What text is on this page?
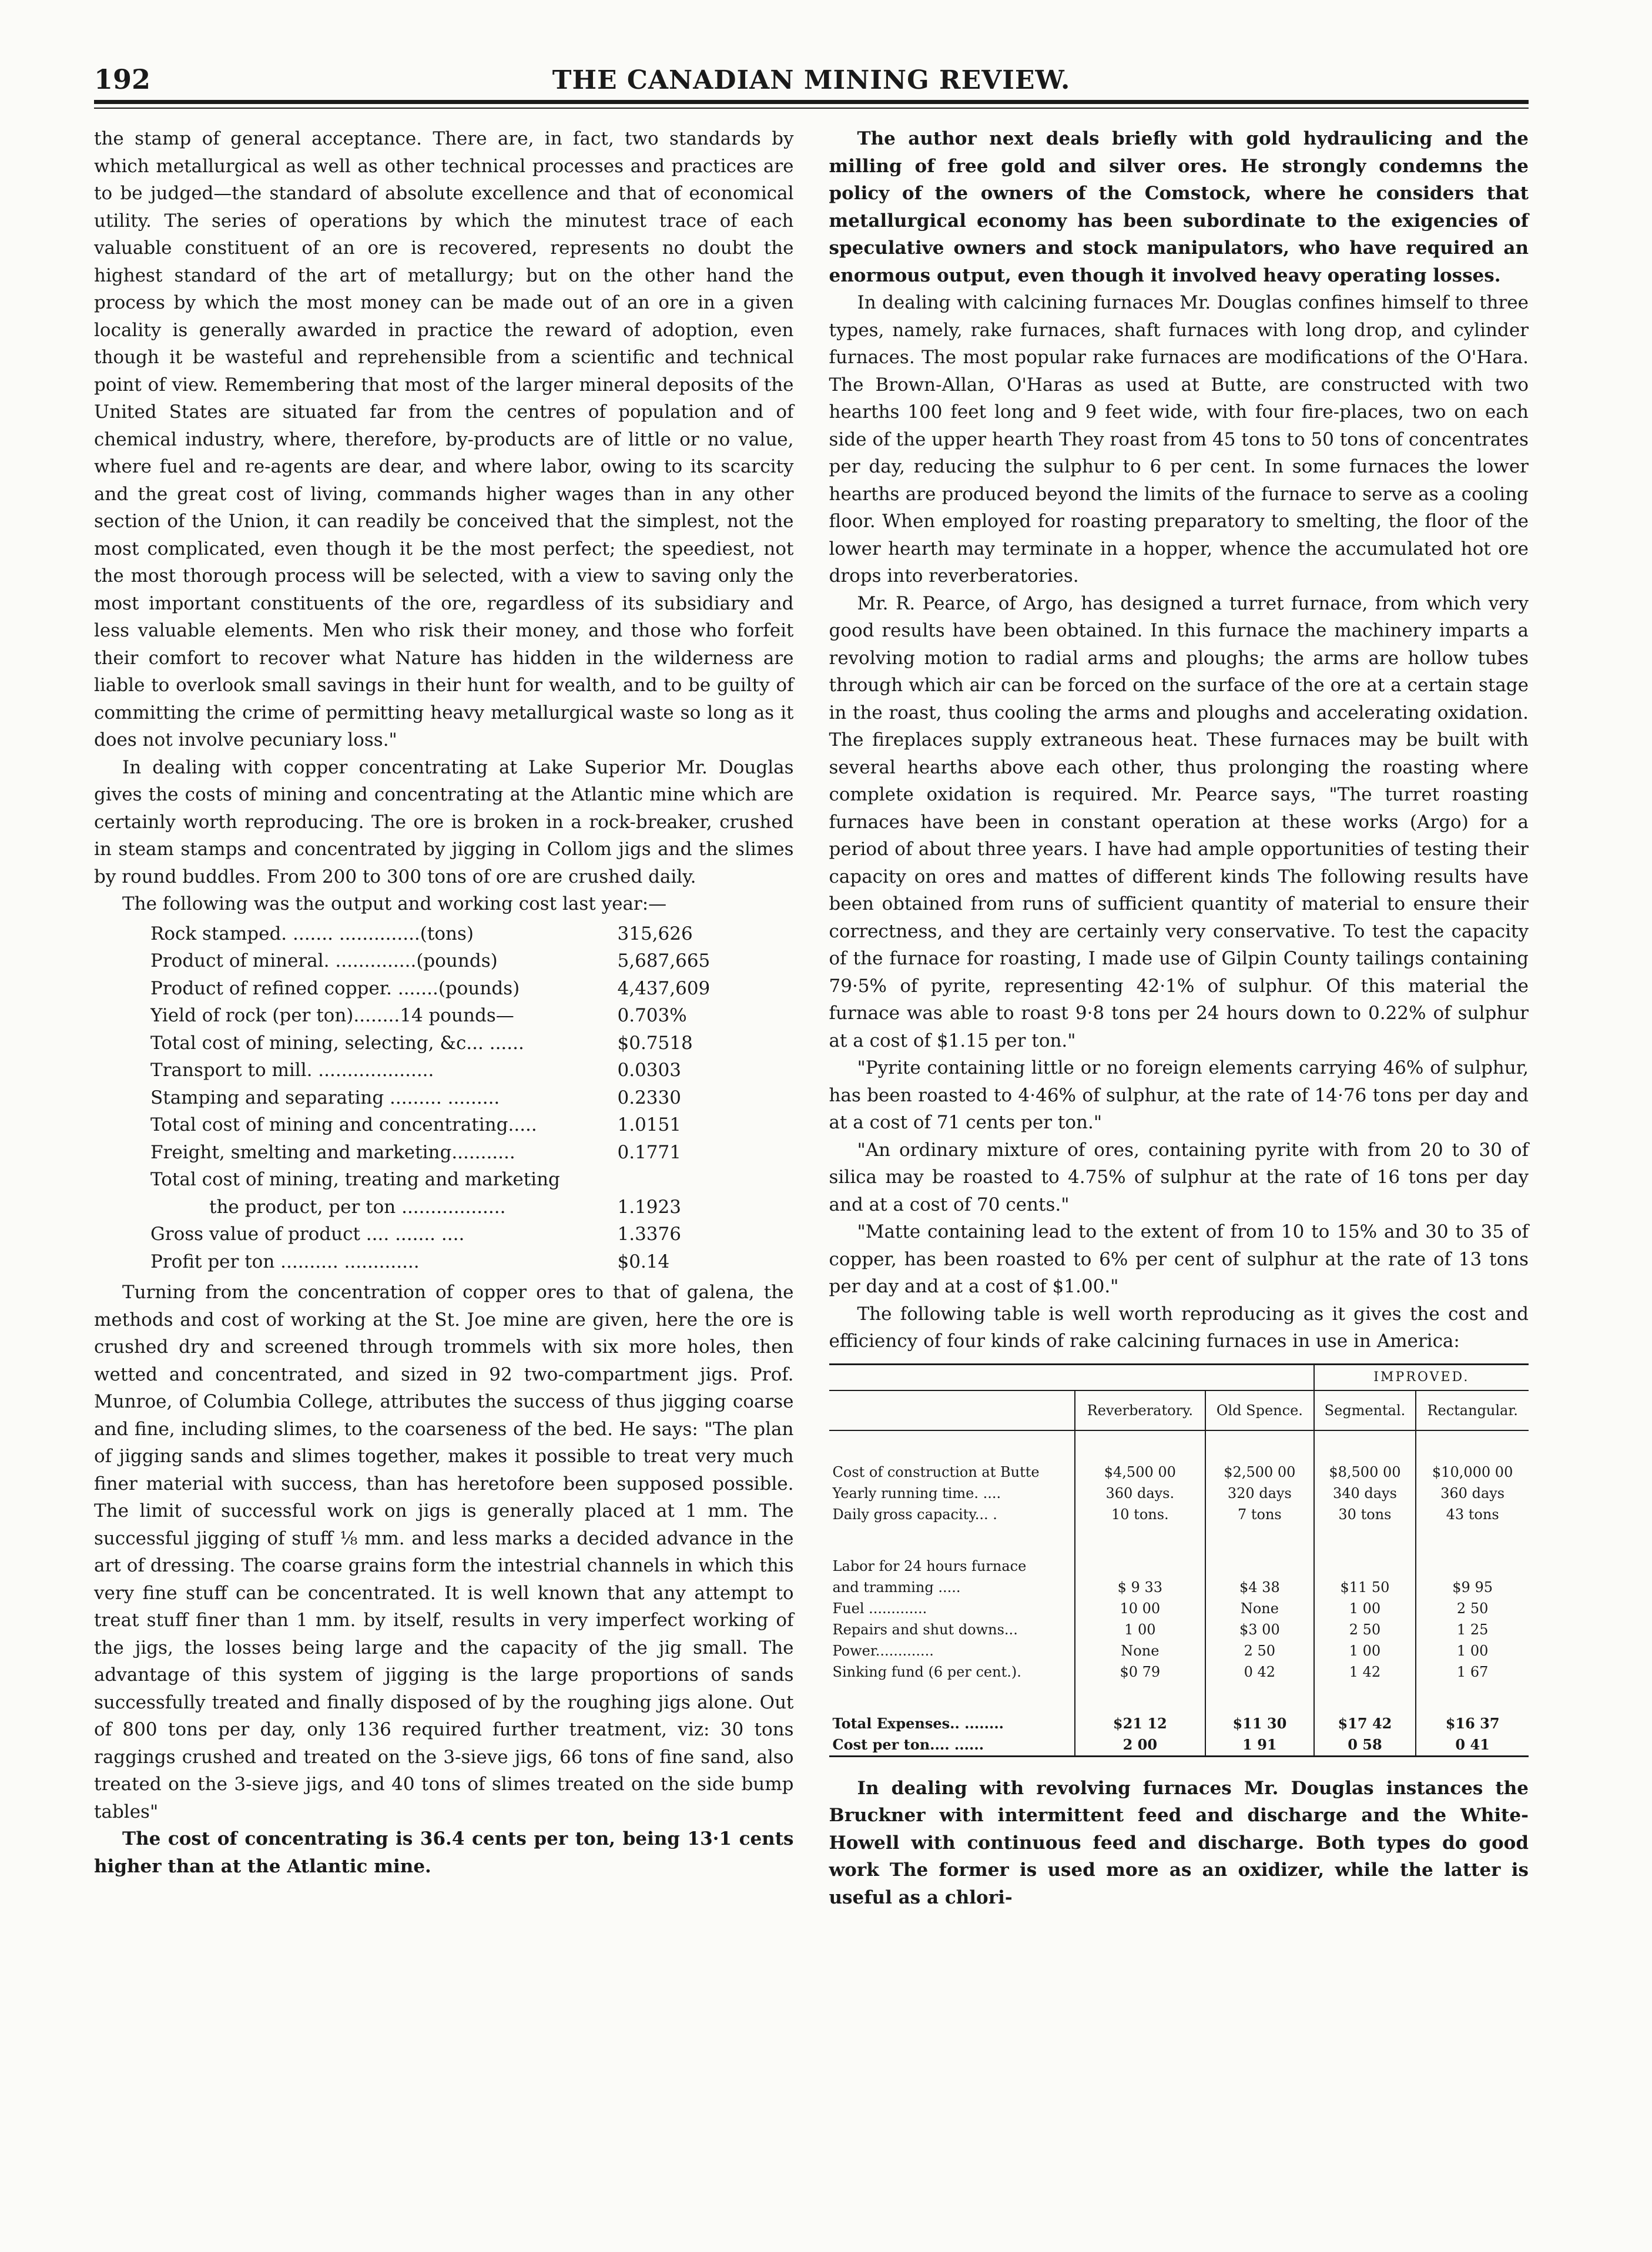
192	THE CANADIAN MINING REVIEW.

the stamp of general acceptance. There are, in fact, two standards by which metallurgical as well as other technical processes and practices are to be judged—the standard of absolute excellence and that of economical utility. The series of operations by which the minutest trace of each valuable constituent of an ore is recovered, represents no doubt the highest standard of the art of metallurgy; but on the other hand the process by which the most money can be made out of an ore in a given locality is generally awarded in practice the reward of adoption, even though it be wasteful and reprehensible from a scientific and technical point of view. Remembering that most of the larger mineral deposits of the United States are situated far from the centres of population and of chemical industry, where, therefore, by-products are of little or no value, where fuel and re-agents are dear, and where labor, owing to its scarcity and the great cost of living, commands higher wages than in any other section of the Union, it can readily be conceived that the simplest, not the most complicated, even though it be the most perfect; the speediest, not the most thorough process will be selected, with a view to saving only the most important constituents of the ore, regardless of its subsidiary and less valuable elements. Men who risk their money, and those who forfeit their comfort to recover what Nature has hidden in the wilderness are liable to overlook small savings in their hunt for wealth, and to be guilty of committing the crime of permitting heavy metallurgical waste so long as it does not involve pecuniary loss."

In dealing with copper concentrating at Lake Superior Mr. Douglas gives the costs of mining and concentrating at the Atlantic mine which are certainly worth reproducing. The ore is broken in a rock-breaker, crushed in steam stamps and concentrated by jigging in Collom jigs and the slimes by round buddles. From 200 to 300 tons of ore are crushed daily.

The following was the output and working cost last year:—

Rock stamped. ....... ..............(tons)	315,626
Product of mineral. ..............(pounds)	5,687,665
Product of refined copper. .......(pounds)	4,437,609
Yield of rock (per ton)........14 pounds—	0.703%
Total cost of mining, selecting, &c... ......	$0.7518
Transport to mill. ....................	0.0303
Stamping and separating ......... .........	0.2330
Total cost of mining and concentrating.....	1.0151
Freight, smelting and marketing...........	0.1771
Total cost of mining, treating and marketing
the product, per ton ..................	1.1923
Gross value of product .... ....... ....	1.3376
Profit per ton .......... .............	$0.14

Turning from the concentration of copper ores to that of galena, the methods and cost of working at the St. Joe mine are given, here the ore is crushed dry and screened through trommels with six more holes, then wetted and concentrated, and sized in 92 two-compartment jigs. Prof. Munroe, of Columbia College, attributes the success of thus jigging coarse and fine, including slimes, to the coarseness of the bed. He says: "The plan of jigging sands and slimes together, makes it possible to treat very much finer material with success, than has heretofore been supposed possible. The limit of successful work on jigs is generally placed at 1 mm. The successful jigging of stuff ⅛ mm. and less marks a decided advance in the art of dressing. The coarse grains form the intestrial channels in which this very fine stuff can be concentrated. It is well known that any attempt to treat stuff finer than 1 mm. by itself, results in very imperfect working of the jigs, the losses being large and the capacity of the jig small. The advantage of this system of jigging is the large proportions of sands successfully treated and finally disposed of by the roughing jigs alone. Out of 800 tons per day, only 136 required further treatment, viz: 30 tons raggings crushed and treated on the 3-sieve jigs, 66 tons of fine sand, also treated on the 3-sieve jigs, and 40 tons of slimes treated on the side bump tables"

The cost of concentrating is 36.4 cents per ton, being 13·1 cents higher than at the Atlantic mine.

The author next deals briefly with gold hydraulicing and the milling of free gold and silver ores. He strongly condemns the policy of the owners of the Comstock, where he considers that metallurgical economy has been subordinate to the exigencies of speculative owners and stock manipulators, who have required an enormous output, even though it involved heavy operating losses.

In dealing with calcining furnaces Mr. Douglas confines himself to three types, namely, rake furnaces, shaft furnaces with long drop, and cylinder furnaces. The most popular rake furnaces are modifications of the O'Hara. The Brown-Allan, O'Haras as used at Butte, are constructed with two hearths 100 feet long and 9 feet wide, with four fire-places, two on each side of the upper hearth They roast from 45 tons to 50 tons of concentrates per day, reducing the sulphur to 6 per cent. In some furnaces the lower hearths are produced beyond the limits of the furnace to serve as a cooling floor. When employed for roasting preparatory to smelting, the floor of the lower hearth may terminate in a hopper, whence the accumulated hot ore drops into reverberatories.

Mr. R. Pearce, of Argo, has designed a turret furnace, from which very good results have been obtained. In this furnace the machinery imparts a revolving motion to radial arms and ploughs; the arms are hollow tubes through which air can be forced on the surface of the ore at a certain stage in the roast, thus cooling the arms and ploughs and accelerating oxidation. The fireplaces supply extraneous heat. These furnaces may be built with several hearths above each other, thus prolonging the roasting where complete oxidation is required. Mr. Pearce says, "The turret roasting furnaces have been in constant operation at these works (Argo) for a period of about three years. I have had ample opportunities of testing their capacity on ores and mattes of different kinds The following results have been obtained from runs of sufficient quantity of material to ensure their correctness, and they are certainly very conservative. To test the capacity of the furnace for roasting, I made use of Gilpin County tailings containing 79·5% of pyrite, representing 42·1% of sulphur. Of this material the furnace was able to roast 9·8 tons per 24 hours down to 0.22% of sulphur at a cost of $1.15 per ton."

"Pyrite containing little or no foreign elements carrying 46% of sulphur, has been roasted to 4·46% of sulphur, at the rate of 14·76 tons per day and at a cost of 71 cents per ton."

"An ordinary mixture of ores, containing pyrite with from 20 to 30 of silica may be roasted to 4.75% of sulphur at the rate of 16 tons per day and at a cost of 70 cents."

"Matte containing lead to the extent of from 10 to 15% and 30 to 35 of copper, has been roasted to 6% per cent of sulphur at the rate of 13 tons per day and at a cost of $1.00."

The following table is well worth reproducing as it gives the cost and efficiency of four kinds of rake calcining furnaces in use in America:

			IMPROVED.	
	Reverberatory.	Old Spence.	Segmental.	Rectangular.

Cost of construction at Butte	$4,500 00	$2,500 00	$8,500 00	$10,000 00
Yearly running time. ....	360 days.	320 days	340 days	360 days
Daily gross capacity... .	10 tons.	7 tons	30 tons	43 tons

Labor for 24 hours furnace				
and tramming .....	$ 9 33	$4 38	$11 50	$9 95
Fuel .............	10 00	None	1 00	2 50
Repairs and shut downs...	1 00	$3 00	2 50	1 25
Power.............	None	2 50	1 00	1 00
Sinking fund (6 per cent.).	$0 79	0 42	1 42	1 67

Total Expenses.. ........	$21 12	$11 30	$17 42	$16 37
Cost per ton.... ......	2 00	1 91	0 58	0 41

In dealing with revolving furnaces Mr. Douglas instances the Bruckner with intermittent feed and discharge and the White-Howell with continuous feed and discharge. Both types do good work The former is used more as an oxidizer, while the latter is useful as a chlori-
